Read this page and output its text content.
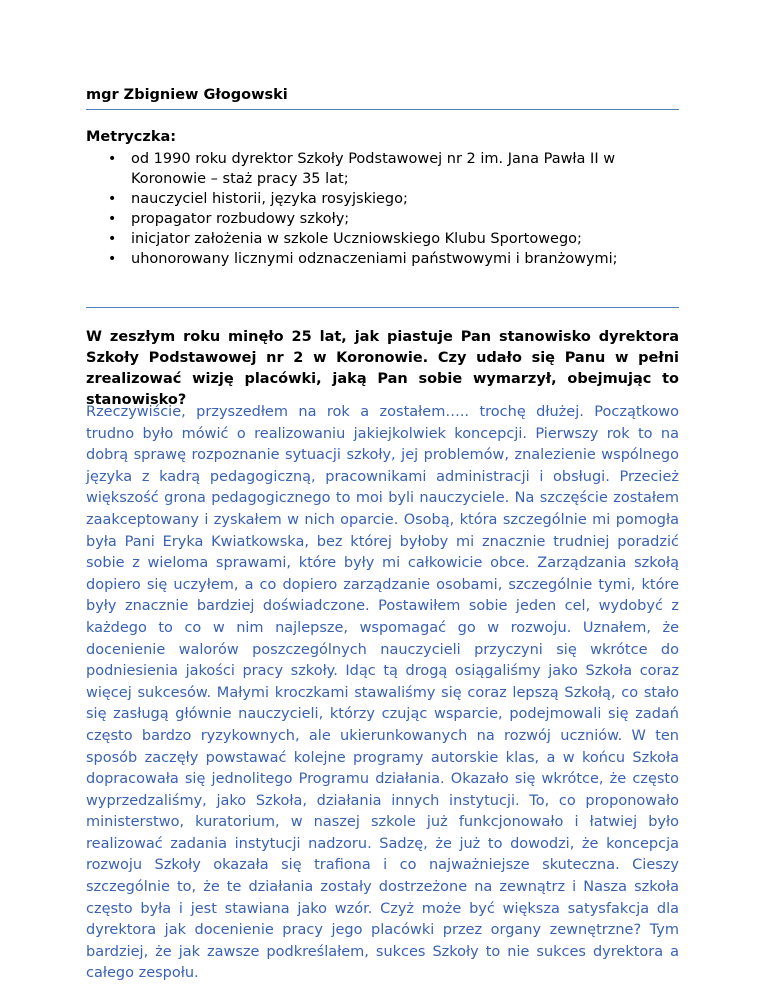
mgr Zbigniew Głogowski
Metryczka:
• od 1990 roku dyrektor Szkoły Podstawowej nr 2 im. Jana Pawła II w Koronowie – staż pracy 35 lat;
• nauczyciel historii, języka rosyjskiego;
• propagator rozbudowy szkoły;
• inicjator założenia w szkole Uczniowskiego Klubu Sportowego;
• uhonorowany licznymi odznaczeniami państwowymi i branżowymi;
W zeszłym roku minęło 25 lat, jak piastuje Pan stanowisko dyrektora Szkoły Podstawowej nr 2 w Koronowie. Czy udało się Panu w pełni zrealizować wizję placówki, jaką Pan sobie wymarzył, obejmując to stanowisko?
Rzeczywiście, przyszedłem na rok a zostałem….. trochę dłużej. Początkowo trudno było mówić o realizowaniu jakiejkolwiek koncepcji. Pierwszy rok to na dobrą sprawę rozpoznanie sytuacji szkoły, jej problemów, znalezienie wspólnego języka z kadrą pedagogiczną, pracownikami administracji i obsługi. Przecież większość grona pedagogicznego to moi byli nauczyciele. Na szczęście zostałem zaakceptowany i zyskałem w nich oparcie. Osobą, która szczególnie mi pomogła była Pani Eryka Kwiatkowska, bez której byłoby mi znacznie trudniej poradzić sobie z wieloma sprawami, które były mi całkowicie obce. Zarządzania szkołą dopiero się uczyłem, a co dopiero zarządzanie osobami, szczególnie tymi, które były znacznie bardziej doświadczone. Postawiłem sobie jeden cel, wydobyć z każdego to co w nim najlepsze, wspomagać go w rozwoju. Uznałem, że docenienie walorów poszczególnych nauczycieli przyczyni się wkrótce do podniesienia jakości pracy szkoły. Idąc tą drogą osiągaliśmy jako Szkoła coraz więcej sukcesów. Małymi kroczkami stawaliśmy się coraz lepszą Szkołą, co stało się zasługą głównie nauczycieli, którzy czując wsparcie, podejmowali się zadań często bardzo ryzykownych, ale ukierunkowanych na rozwój uczniów. W ten sposób zaczęły powstawać kolejne programy autorskie klas, a w końcu Szkoła dopracowała się jednolitego Programu działania. Okazało się wkrótce, że często wyprzedzaliśmy, jako Szkoła, działania innych instytucji. To, co proponowało ministerstwo, kuratorium, w naszej szkole już funkcjonowało i łatwiej było realizować zadania instytucji nadzoru. Sadzę, że już to dowodzi, że koncepcja rozwoju Szkoły okazała się trafiona i co najważniejsze skuteczna. Cieszy szczególnie to, że te działania zostały dostrzeżone na zewnątrz i Nasza szkoła często była i jest stawiana jako wzór. Czyż może być większa satysfakcja dla dyrektora jak docenienie pracy jego placówki przez organy zewnętrzne? Tym bardziej, że jak zawsze podkreślałem, sukces Szkoły to nie sukces dyrektora a całego zespołu.
